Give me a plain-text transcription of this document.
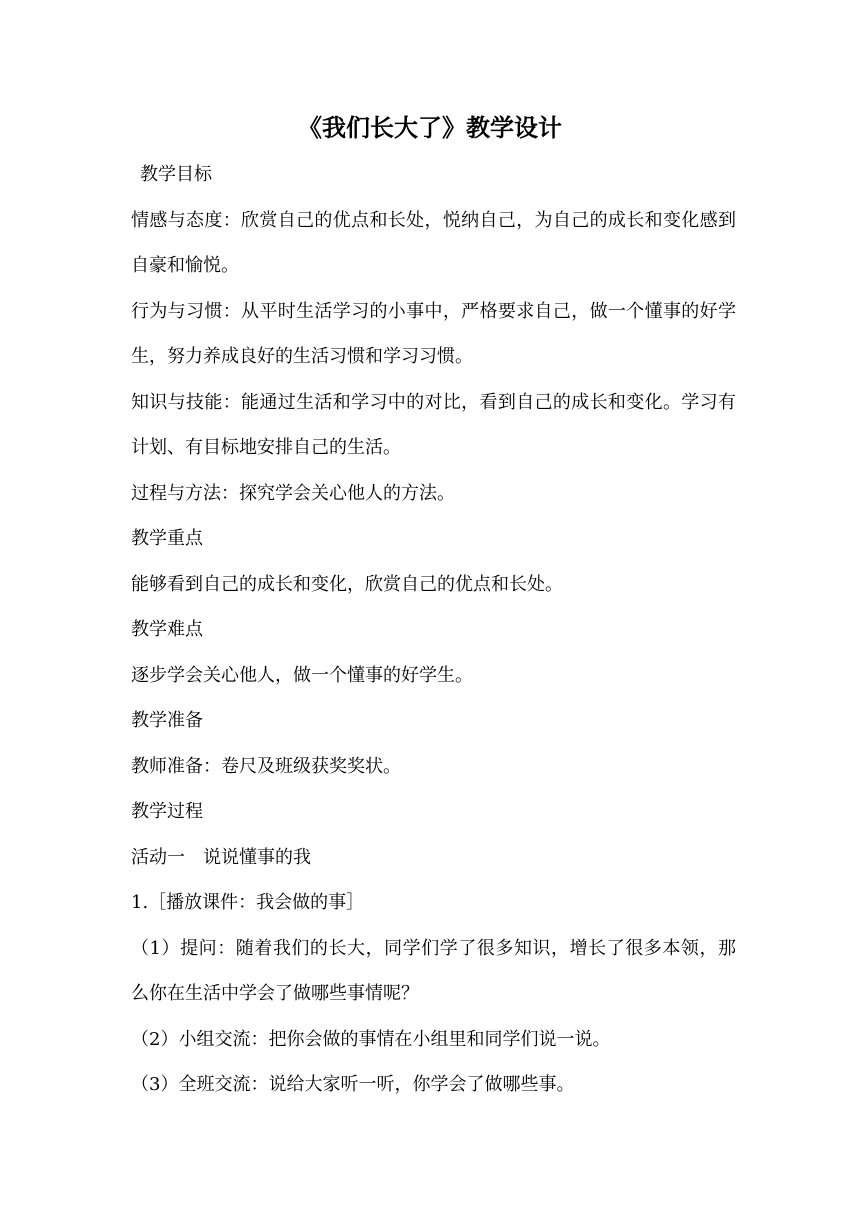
《我们长大了》教学设计

教学目标

情感与态度：欣赏自己的优点和长处，悦纳自己，为自己的成长和变化感到自豪和愉悦。

行为与习惯：从平时生活学习的小事中，严格要求自己，做一个懂事的好学生，努力养成良好的生活习惯和学习习惯。

知识与技能：能通过生活和学习中的对比，看到自己的成长和变化。学习有计划、有目标地安排自己的生活。

过程与方法：探究学会关心他人的方法。

教学重点

能够看到自己的成长和变化，欣赏自己的优点和长处。

教学难点

逐步学会关心他人，做一个懂事的好学生。

教学准备

教师准备：卷尺及班级获奖奖状。

教学过程

活动一　说说懂事的我

1.［播放课件：我会做的事］

（1）提问：随着我们的长大，同学们学了很多知识，增长了很多本领，那么你在生活中学会了做哪些事情呢？

（2）小组交流：把你会做的事情在小组里和同学们说一说。

（3）全班交流：说给大家听一听，你学会了做哪些事。
